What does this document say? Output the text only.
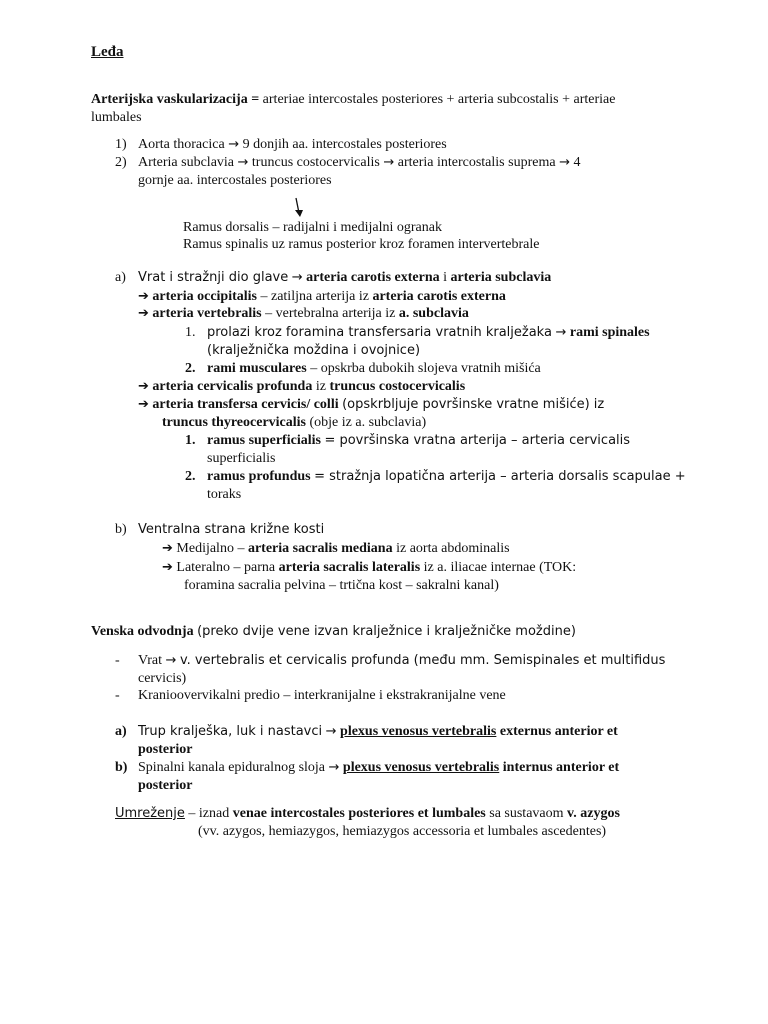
Leđa
Arterijska vaskularizacija = arteriae intercostales posteriores + arteria subcostalis + arteriae
lumbales
1) Aorta thoracica → 9 donjih aa. intercostales posteriores
2) Arteria subclavia → truncus costocervicalis → arteria intercostalis suprema → 4
gornje aa. intercostales posteriores
Ramus dorsalis – radijalni i medijalni ogranak
Ramus spinalis uz ramus posterior kroz foramen intervertebrale
a) Vrat i stražnji dio glave → arteria carotis externa i arteria subclavia
➔ arteria occipitalis – zatiljna arterija iz arteria carotis externa
➔ arteria vertebralis – vertebralna arterija iz a. subclavia
1. prolazi kroz foramina transfersaria vratnih kralježaka → rami spinales
(kralježnička moždina i ovojnice)
2. rami musculares – opskrba dubokih slojeva vratnih mišića
➔ arteria cervicalis profunda iz truncus costocervicalis
➔ arteria transfersa cervicis/ colli (opskrbljuje površinske vratne mišiće) iz
truncus thyreocervicalis (obje iz a. subclavia)
1. ramus superficialis = površinska vratna arterija – arteria cervicalis
superficialis
2. ramus profundus = stražnja lopatična arterija – arteria dorsalis scapulae +
toraks
b) Ventralna strana križne kosti
➔ Medijalno – arteria sacralis mediana iz aorta abdominalis
➔ Lateralno – parna arteria sacralis lateralis iz a. iliacae internae (TOK:
foramina sacralia pelvina – trtična kost – sakralni kanal)
Venska odvodnja (preko dvije vene izvan kralježnice i kralježničke moždine)
- Vrat → v. vertebralis et cervicalis profunda (među mm. Semispinales et multifidus
cervicis)
- Kranioovervikalni predio – interkranijalne i ekstrakranijalne vene
a) Trup kralješka, luk i nastavci → plexus venosus vertebralis externus anterior et
posterior
b) Spinalni kanala epiduralnog sloja → plexus venosus vertebralis internus anterior et
posterior
Umreženje – iznad venae intercostales posteriores et lumbales sa sustavaom v. azygos
(vv. azygos, hemiazygos, hemiazygos accessoria et lumbales ascedentes)
